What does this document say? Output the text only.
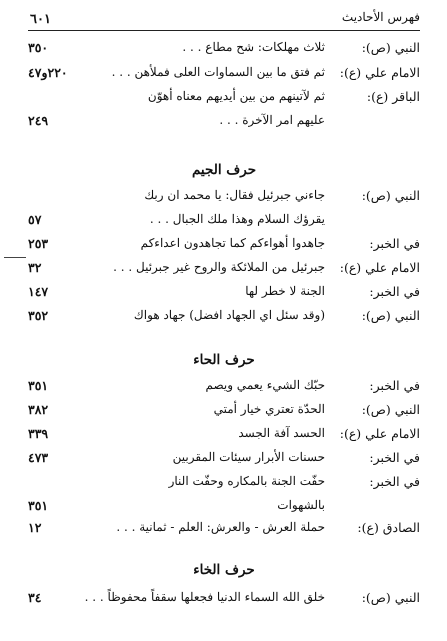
٦٠١	فهرس الأحاديث
النبي (ص):
ثلاث مهلكات: شح مطاع . . .
٣٥٠
الامام علي (ع):
ثم فتق ما بين السماوات العلى فملأهن . . .
٢٢٠و٤٧
الباقر (ع):
ثم لآتينهم من بين أيديهم معناه أهوّن
عليهم امر الآخرة . . .
٢٤٩
حرف الجيم
النبي (ص):
جاءني جبرئيل فقال: يا محمد ان ربك
يقرؤك السلام وهذا ملك الجبال . . .
٥٧
في الخبر:
جاهدوا أهواءكم كما تجاهدون اعداءكم
٢٥٣
الامام علي (ع):
جبرئيل من الملائكة والروح غير جبرئيل . . .
٣٢
في الخبر:
الجنة لا خطر لها
١٤٧
النبي (ص):
(وقد سئل اي الجهاد افضل) جهاد هواك
٣٥٢
حرف الحاء
في الخبر:
حبّك الشيء يعمي ويصم
٣٥١
النبي (ص):
الحدّة تعتري خيار أمتي
٣٨٢
الامام علي (ع):
الحسد آفة الجسد
٣٣٩
في الخبر:
حسنات الأبرار سيئات المقربين
٤٧٣
في الخبر:
حفّت الجنة بالمكاره وحفّت النار
بالشهوات
٣٥١
الصادق (ع):
حملة العرش - والعرش: العلم - ثمانية . . .
١٢
حرف الخاء
النبي (ص):
خلق الله السماء الدنيا فجعلها سقفاً محفوظاً . . .
٣٤
